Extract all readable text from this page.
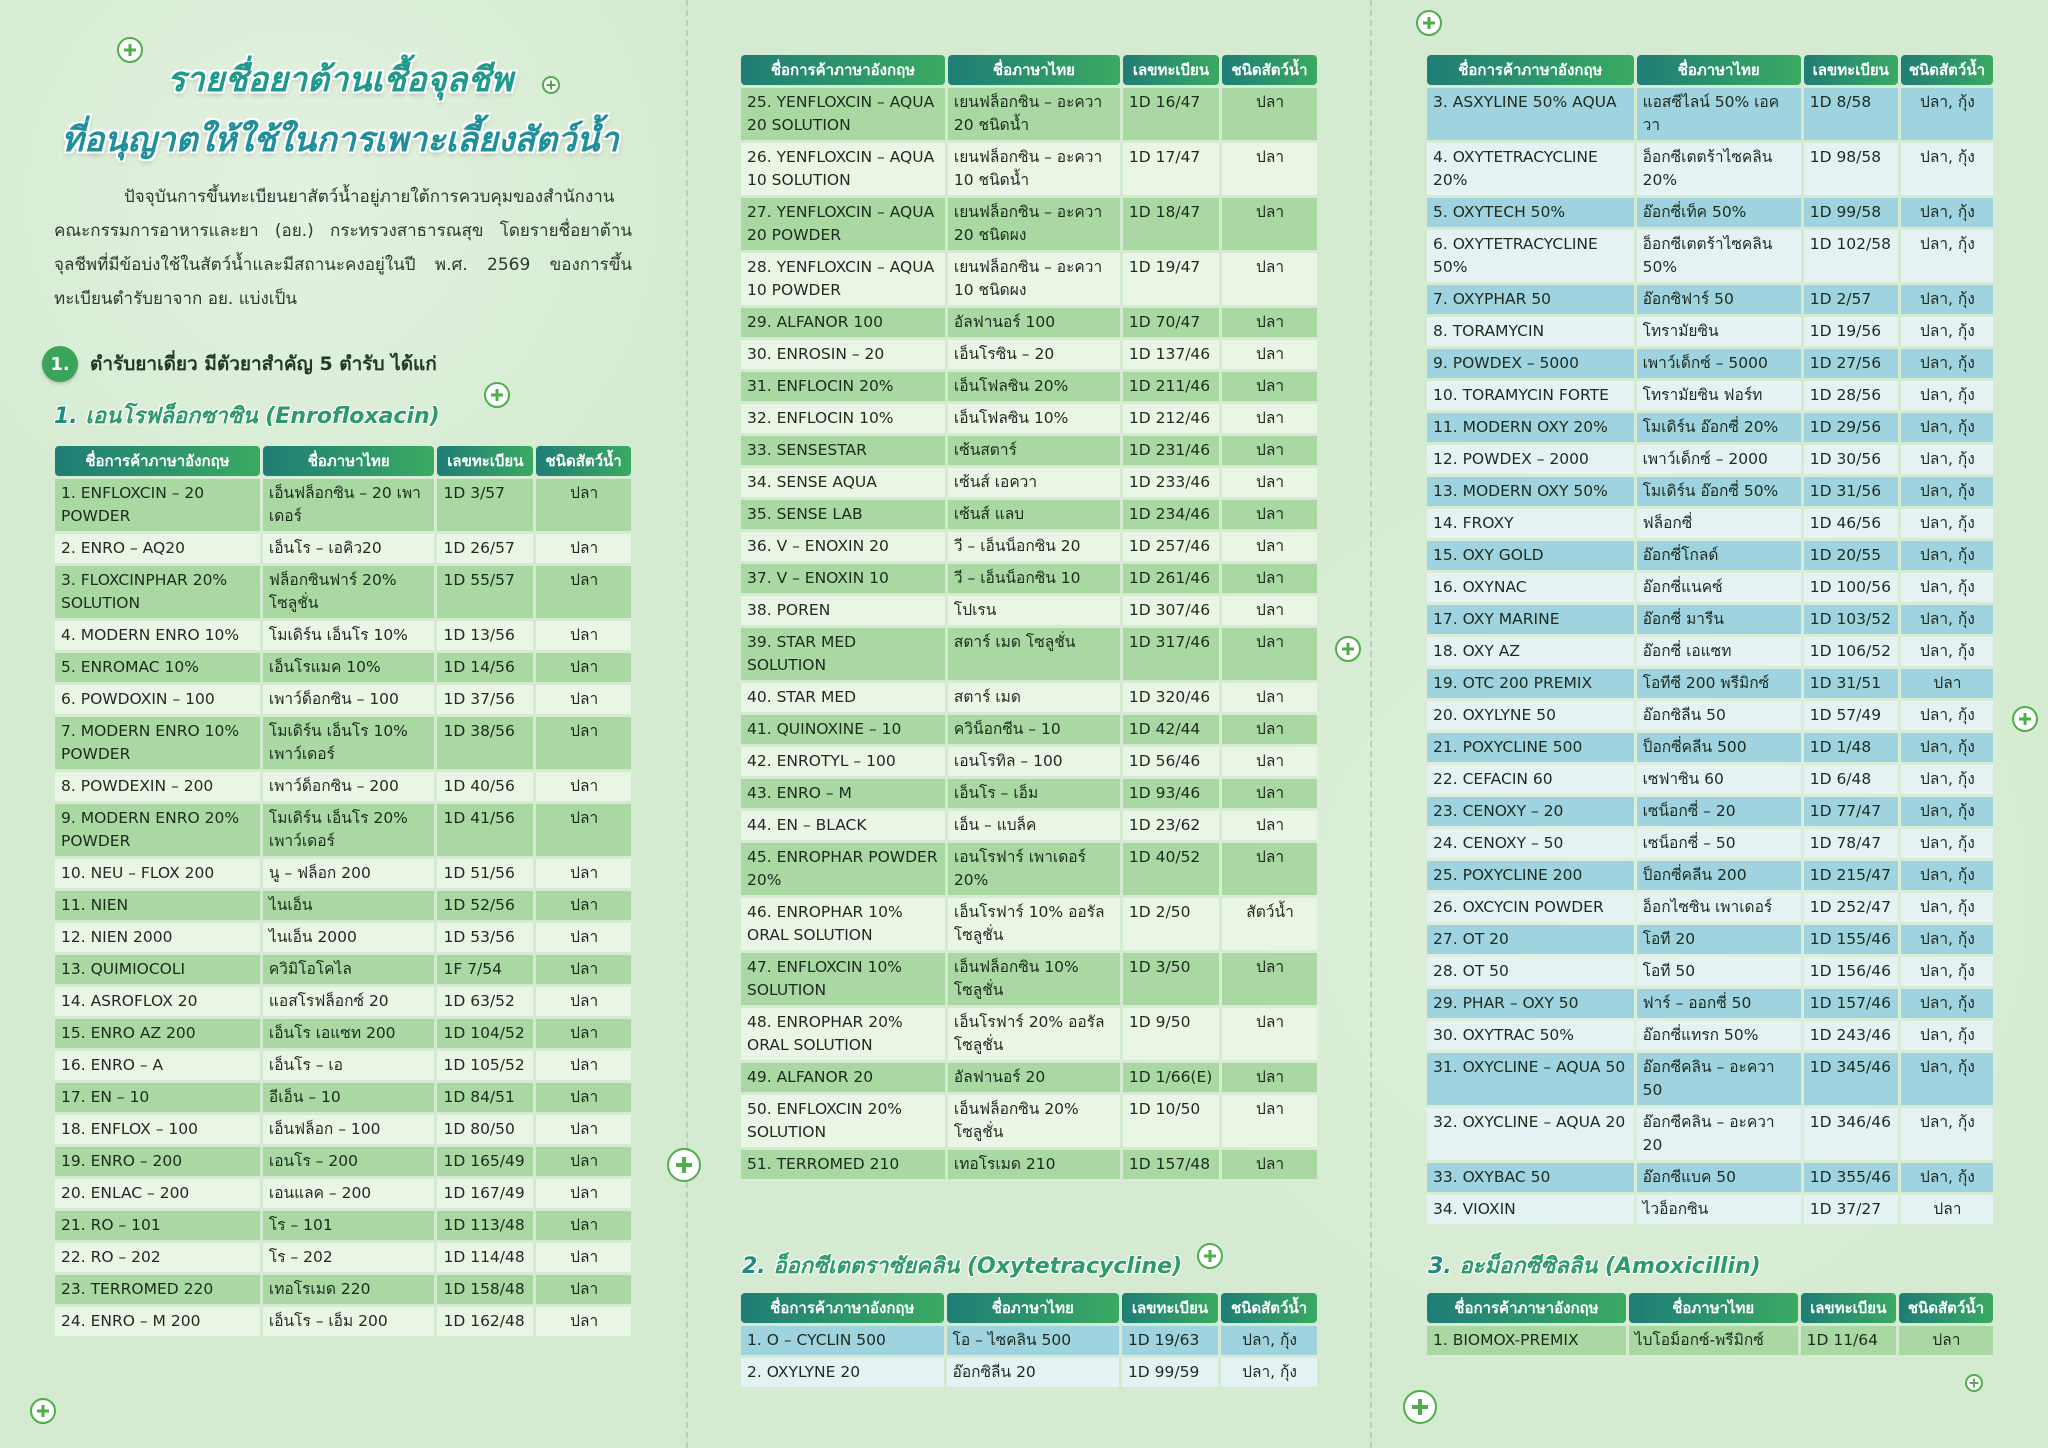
รายชื่อยาต้านเชื้อจุลชีพ
ที่อนุญาตให้ใช้ในการเพาะเลี้ยงสัตว์น้ำ
ปัจจุบันการขึ้นทะเบียนยาสัตว์น้ำอยู่ภายใต้การควบคุมของสำนักงานคณะกรรมการอาหารและยา (อย.) กระทรวงสาธารณสุข โดยรายชื่อยาต้านจุลชีพที่มีข้อบ่งใช้ในสัตว์น้ำและมีสถานะคงอยู่ในปี พ.ศ. 2569 ของการขึ้นทะเบียนตำรับยาจาก อย. แบ่งเป็น
1.	ตำรับยาเดี่ยว มีตัวยาสำคัญ 5 ตำรับ ได้แก่
1. เอนโรฟล็อกซาซิน (Enrofloxacin)
ชื่อการค้าภาษาอังกฤษ	ชื่อภาษาไทย	เลขทะเบียน	ชนิดสัตว์น้ำ
1. ENFLOXCIN – 20 POWDER	เอ็นฟล็อกซิน – 20 เพาเดอร์	1D 3/57	ปลา
2. ENRO – AQ20	เอ็นโร – เอคิว20	1D 26/57	ปลา
3. FLOXCINPHAR 20% SOLUTION	ฟล็อกซินฟาร์ 20% โซลูชั่น	1D 55/57	ปลา
4. MODERN ENRO 10%	โมเดิร์น เอ็นโร 10%	1D 13/56	ปลา
5. ENROMAC 10%	เอ็นโรแมค 10%	1D 14/56	ปลา
6. POWDOXIN – 100	เพาว์ด็อกซิน – 100	1D 37/56	ปลา
7. MODERN ENRO 10% POWDER	โมเดิร์น เอ็นโร 10% เพาว์เดอร์	1D 38/56	ปลา
8. POWDEXIN – 200	เพาว์ด็อกซิน – 200	1D 40/56	ปลา
9. MODERN ENRO 20% POWDER	โมเดิร์น เอ็นโร 20% เพาว์เดอร์	1D 41/56	ปลา
10. NEU – FLOX 200	นู – ฟล็อก 200	1D 51/56	ปลา
11. NIEN	ไนเอ็น	1D 52/56	ปลา
12. NIEN 2000	ไนเอ็น 2000	1D 53/56	ปลา
13. QUIMIOCOLI	ควิมิโอโคไล	1F 7/54	ปลา
14. ASROFLOX 20	แอสโรฟล็อกซ์ 20	1D 63/52	ปลา
15. ENRO AZ 200	เอ็นโร เอแซท 200	1D 104/52	ปลา
16. ENRO – A	เอ็นโร – เอ	1D 105/52	ปลา
17. EN – 10	อีเอ็น – 10	1D 84/51	ปลา
18. ENFLOX – 100	เอ็นฟล็อก – 100	1D 80/50	ปลา
19. ENRO – 200	เอนโร – 200	1D 165/49	ปลา
20. ENLAC – 200	เอนแลค – 200	1D 167/49	ปลา
21. RO – 101	โร – 101	1D 113/48	ปลา
22. RO – 202	โร – 202	1D 114/48	ปลา
23. TERROMED 220	เทอโรเมด 220	1D 158/48	ปลา
24. ENRO – M 200	เอ็นโร – เอ็ม 200	1D 162/48	ปลา
ชื่อการค้าภาษาอังกฤษ	ชื่อภาษาไทย	เลขทะเบียน	ชนิดสัตว์น้ำ
25. YENFLOXCIN – AQUA 20 SOLUTION	เยนฟล็อกซิน – อะควา 20 ชนิดน้ำ	1D 16/47	ปลา
26. YENFLOXCIN – AQUA 10 SOLUTION	เยนฟล็อกซิน – อะควา 10 ชนิดน้ำ	1D 17/47	ปลา
27. YENFLOXCIN – AQUA 20 POWDER	เยนฟล็อกซิน – อะควา 20 ชนิดผง	1D 18/47	ปลา
28. YENFLOXCIN – AQUA 10 POWDER	เยนฟล็อกซิน – อะควา 10 ชนิดผง	1D 19/47	ปลา
29. ALFANOR 100	อัลฟานอร์ 100	1D 70/47	ปลา
30. ENROSIN – 20	เอ็นโรซิน – 20	1D 137/46	ปลา
31. ENFLOCIN 20%	เอ็นโฟลซิน 20%	1D 211/46	ปลา
32. ENFLOCIN 10%	เอ็นโฟลซิน 10%	1D 212/46	ปลา
33. SENSESTAR	เซ้นสตาร์	1D 231/46	ปลา
34. SENSE AQUA	เซ้นส์ เอควา	1D 233/46	ปลา
35. SENSE LAB	เซ้นส์ แลบ	1D 234/46	ปลา
36. V – ENOXIN 20	วี – เอ็นน็อกซิน 20	1D 257/46	ปลา
37. V – ENOXIN 10	วี – เอ็นน็อกซิน 10	1D 261/46	ปลา
38. POREN	โปเรน	1D 307/46	ปลา
39. STAR MED SOLUTION	สตาร์ เมด โซลูชั่น	1D 317/46	ปลา
40. STAR MED	สตาร์ เมด	1D 320/46	ปลา
41. QUINOXINE – 10	ควิน็อกซีน – 10	1D 42/44	ปลา
42. ENROTYL – 100	เอนโรทิล – 100	1D 56/46	ปลา
43. ENRO – M	เอ็นโร – เอ็ม	1D 93/46	ปลา
44. EN – BLACK	เอ็น – แบล็ค	1D 23/62	ปลา
45. ENROPHAR POWDER 20%	เอนโรฟาร์ เพาเดอร์ 20%	1D 40/52	ปลา
46. ENROPHAR 10% ORAL SOLUTION	เอ็นโรฟาร์ 10% ออรัล โซลูชั่น	1D 2/50	สัตว์น้ำ
47. ENFLOXCIN 10% SOLUTION	เอ็นฟล็อกซิน 10% โซลูชั่น	1D 3/50	ปลา
48. ENROPHAR 20% ORAL SOLUTION	เอ็นโรฟาร์ 20% ออรัล โซลูชั่น	1D 9/50	ปลา
49. ALFANOR 20	อัลฟานอร์ 20	1D 1/66(E)	ปลา
50. ENFLOXCIN 20% SOLUTION	เอ็นฟล็อกซิน 20% โซลูชั่น	1D 10/50	ปลา
51. TERROMED 210	เทอโรเมด 210	1D 157/48	ปลา
2. อ็อกซีเตตราซัยคลิน (Oxytetracycline)
ชื่อการค้าภาษาอังกฤษ	ชื่อภาษาไทย	เลขทะเบียน	ชนิดสัตว์น้ำ
1. O – CYCLIN 500	โอ – ไซคลิน 500	1D 19/63	ปลา, กุ้ง
2. OXYLYNE 20	อ๊อกซิลีน 20	1D 99/59	ปลา, กุ้ง
ชื่อการค้าภาษาอังกฤษ	ชื่อภาษาไทย	เลขทะเบียน	ชนิดสัตว์น้ำ
3. ASXYLINE 50% AQUA	แอสซีไลน์ 50% เอควา	1D 8/58	ปลา, กุ้ง
4. OXYTETRACYCLINE 20%	อ็อกซีเตตร้าไซคลิน 20%	1D 98/58	ปลา, กุ้ง
5. OXYTECH 50%	อ๊อกซี่เท็ค 50%	1D 99/58	ปลา, กุ้ง
6. OXYTETRACYCLINE 50%	อ็อกซีเตตร้าไซคลิน 50%	1D 102/58	ปลา, กุ้ง
7. OXYPHAR 50	อ๊อกซิฟาร์ 50	1D 2/57	ปลา, กุ้ง
8. TORAMYCIN	โทรามัยซิน	1D 19/56	ปลา, กุ้ง
9. POWDEX – 5000	เพาว์เด็กซ์ – 5000	1D 27/56	ปลา, กุ้ง
10. TORAMYCIN FORTE	โทรามัยซิน ฟอร์ท	1D 28/56	ปลา, กุ้ง
11. MODERN OXY 20%	โมเดิร์น อ๊อกซี่ 20%	1D 29/56	ปลา, กุ้ง
12. POWDEX – 2000	เพาว์เด็กซ์ – 2000	1D 30/56	ปลา, กุ้ง
13. MODERN OXY 50%	โมเดิร์น อ๊อกซี่ 50%	1D 31/56	ปลา, กุ้ง
14. FROXY	ฟล็อกซี่	1D 46/56	ปลา, กุ้ง
15. OXY GOLD	อ๊อกซี่โกลด์	1D 20/55	ปลา, กุ้ง
16. OXYNAC	อ๊อกซี่แนคซ์	1D 100/56	ปลา, กุ้ง
17. OXY MARINE	อ๊อกซี่ มารีน	1D 103/52	ปลา, กุ้ง
18. OXY AZ	อ๊อกซี่ เอแซท	1D 106/52	ปลา, กุ้ง
19. OTC 200 PREMIX	โอทีซี 200 พรีมิกซ์	1D 31/51	ปลา
20. OXYLYNE 50	อ๊อกซิลีน 50	1D 57/49	ปลา, กุ้ง
21. POXYCLINE 500	ป็อกซี่คลีน 500	1D 1/48	ปลา, กุ้ง
22. CEFACIN 60	เซฟาซิน 60	1D 6/48	ปลา, กุ้ง
23. CENOXY – 20	เซน็อกซี่ – 20	1D 77/47	ปลา, กุ้ง
24. CENOXY – 50	เซน็อกซี่ – 50	1D 78/47	ปลา, กุ้ง
25. POXYCLINE 200	ป็อกซี่คลีน 200	1D 215/47	ปลา, กุ้ง
26. OXCYCIN POWDER	อ็อกไซซิน เพาเดอร์	1D 252/47	ปลา, กุ้ง
27. OT 20	โอที 20	1D 155/46	ปลา, กุ้ง
28. OT 50	โอที 50	1D 156/46	ปลา, กุ้ง
29. PHAR – OXY 50	ฟาร์ – ออกซี่ 50	1D 157/46	ปลา, กุ้ง
30. OXYTRAC 50%	อ๊อกซี่แทรก 50%	1D 243/46	ปลา, กุ้ง
31. OXYCLINE – AQUA 50	อ๊อกซีคลิน – อะควา 50	1D 345/46	ปลา, กุ้ง
32. OXYCLINE – AQUA 20	อ๊อกซีคลิน – อะควา 20	1D 346/46	ปลา, กุ้ง
33. OXYBAC 50	อ๊อกซีแบค 50	1D 355/46	ปลา, กุ้ง
34. VIOXIN	ไวอ็อกซิน	1D 37/27	ปลา
3. อะม็อกซีซิลลิน (Amoxicillin)
ชื่อการค้าภาษาอังกฤษ	ชื่อภาษาไทย	เลขทะเบียน	ชนิดสัตว์น้ำ
1. BIOMOX-PREMIX	ไบโอม็อกซ์-พรีมิกซ์	1D 11/64	ปลา
